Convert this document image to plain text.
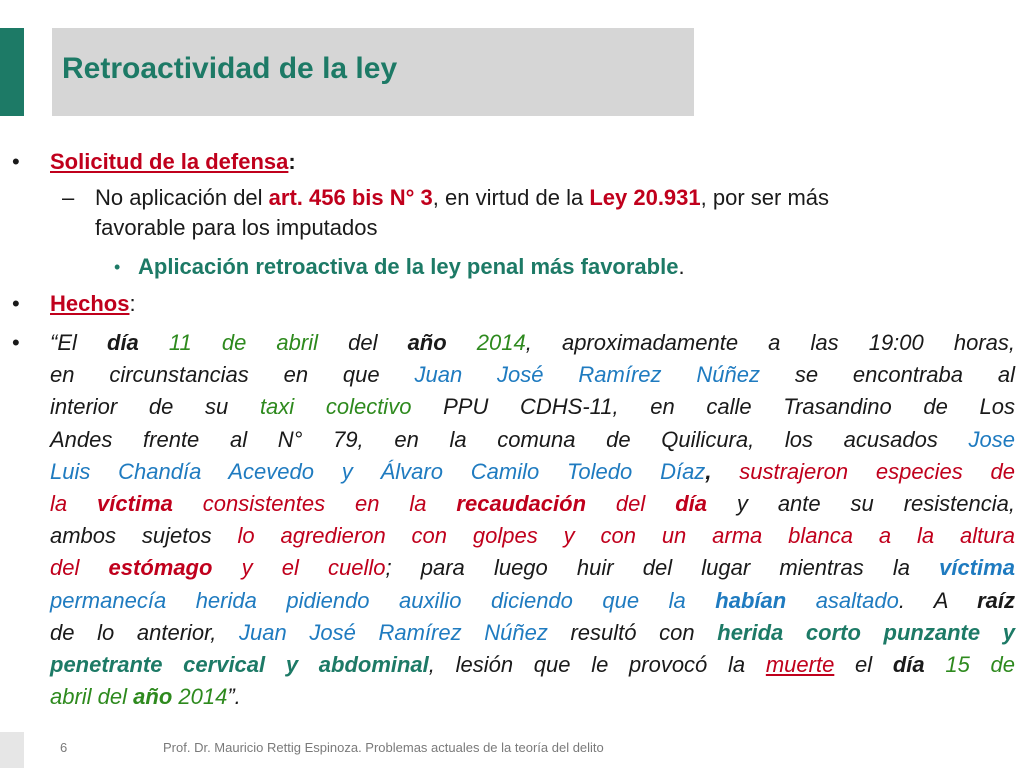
Retroactividad de la ley
• Solicitud de la defensa:
– No aplicación del art. 456 bis N° 3, en virtud de la Ley 20.931, por ser más
favorable para los imputados
• Aplicación retroactiva de la ley penal más favorable.
• Hechos:
• “El día 11 de abril del año 2014, aproximadamente a las 19:00 horas,
en circunstancias en que Juan José Ramírez Núñez se encontraba al
interior de su taxi colectivo PPU CDHS-11, en calle Trasandino de Los
Andes frente al N° 79, en la comuna de Quilicura, los acusados Jose
Luis Chandía Acevedo y Álvaro Camilo Toledo Díaz, sustrajeron especies de
la víctima consistentes en la recaudación del día y ante su resistencia,
ambos sujetos lo agredieron con golpes y con un arma blanca a la altura
del estómago y el cuello; para luego huir del lugar mientras la víctima
permanecía herida pidiendo auxilio diciendo que la habían asaltado. A raíz
de lo anterior, Juan José Ramírez Núñez resultó con herida corto punzante y
penetrante cervical y abdominal, lesión que le provocó la muerte el día 15 de
abril del año 2014”.
6	Prof. Dr. Mauricio Rettig Espinoza. Problemas actuales de la teoría del delito
